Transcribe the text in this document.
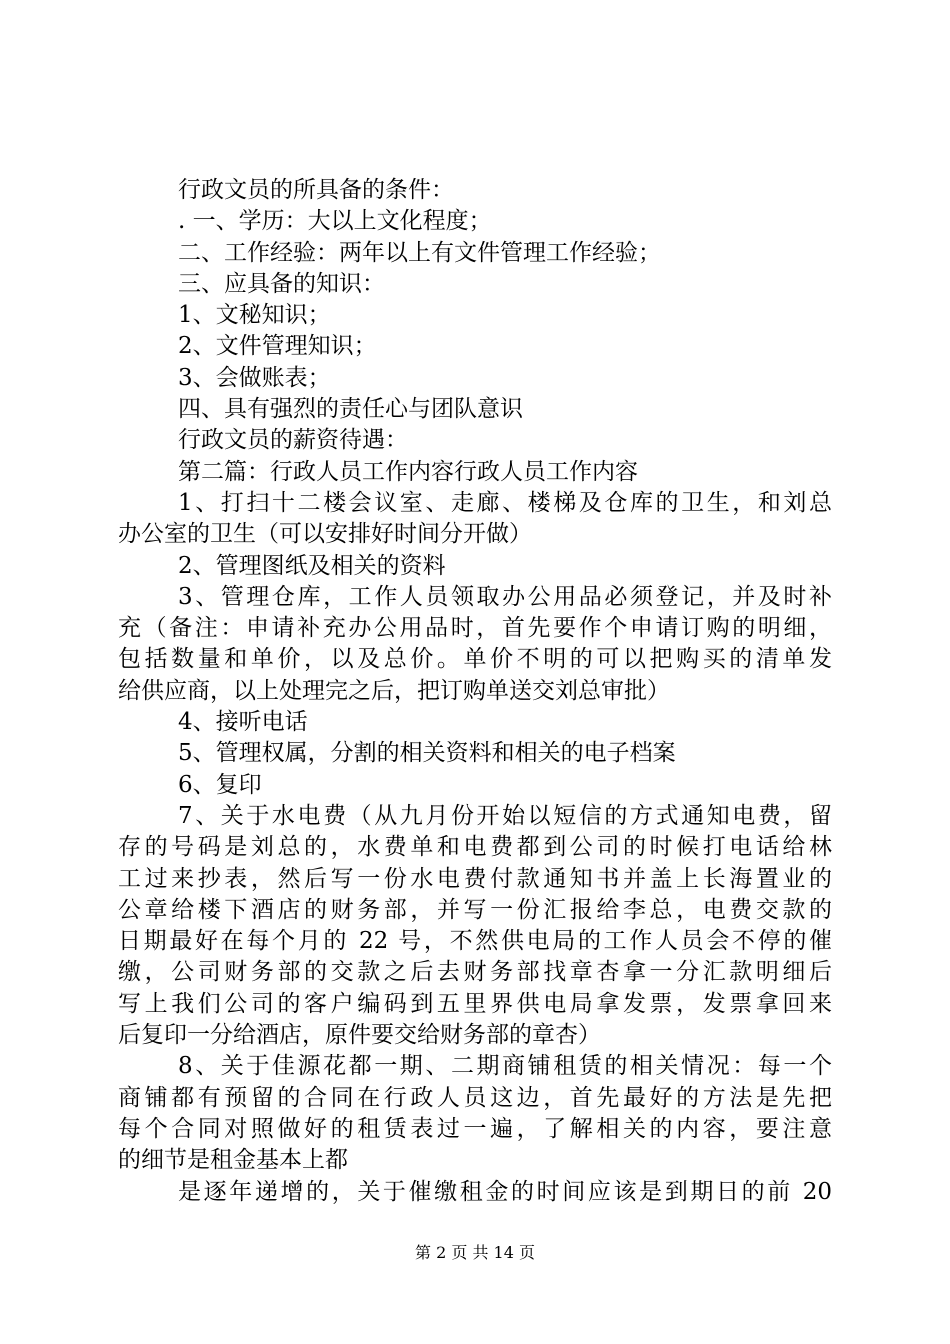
行政文员的所具备的条件：
. 一、学历：大以上文化程度；
二、工作经验：两年以上有文件管理工作经验；
三、应具备的知识：
1、文秘知识；
2、文件管理知识；
3、会做账表；
四、具有强烈的责任心与团队意识
行政文员的薪资待遇：
第二篇：行政人员工作内容行政人员工作内容
1、打扫十二楼会议室、走廊、楼梯及仓库的卫生，和刘总
办公室的卫生（可以安排好时间分开做）
2、管理图纸及相关的资料
3、管理仓库，工作人员领取办公用品必须登记，并及时补
充（备注：申请补充办公用品时，首先要作个申请订购的明细，
包括数量和单价，以及总价。单价不明的可以把购买的清单发
给供应商，以上处理完之后，把订购单送交刘总审批）
4、接听电话
5、管理权属，分割的相关资料和相关的电子档案
6、复印
7、关于水电费（从九月份开始以短信的方式通知电费，留
存的号码是刘总的，水费单和电费都到公司的时候打电话给林
工过来抄表，然后写一份水电费付款通知书并盖上长海置业的
公章给楼下酒店的财务部，并写一份汇报给李总，电费交款的
日期最好在每个月的 22 号，不然供电局的工作人员会不停的催
缴，公司财务部的交款之后去财务部找章杏拿一分汇款明细后
写上我们公司的客户编码到五里界供电局拿发票，发票拿回来
后复印一分给酒店，原件要交给财务部的章杏）
8、关于佳源花都一期、二期商铺租赁的相关情况：每一个
商铺都有预留的合同在行政人员这边，首先最好的方法是先把
每个合同对照做好的租赁表过一遍，了解相关的内容，要注意
的细节是租金基本上都
是逐年递增的，关于催缴租金的时间应该是到期日的前 20
第 2 页 共 14 页
